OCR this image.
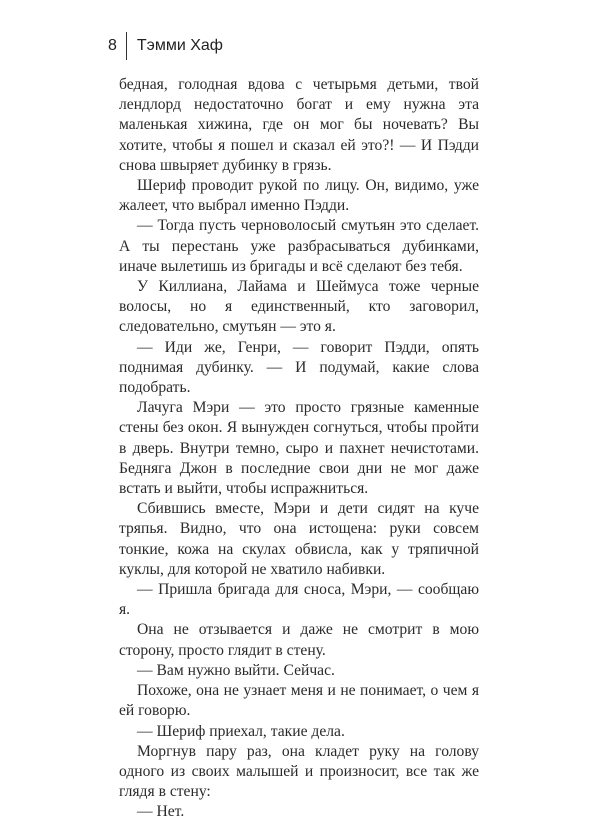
8 Тэмми Хаф

бедная, голодная вдова с четырьмя детьми, твой лендлорд недостаточно богат и ему нужна эта маленькая хижина, где он мог бы ночевать? Вы хотите, чтобы я пошел и сказал ей это?! — И Пэдди снова швыряет дубинку в грязь.

Шериф проводит рукой по лицу. Он, видимо, уже жалеет, что выбрал именно Пэдди.

— Тогда пусть черноволосый смутьян это сделает. А ты перестань уже разбрасываться дубинками, иначе вылетишь из бригады и всё сделают без тебя.

У Киллиана, Лайама и Шеймуса тоже черные волосы, но я единственный, кто заговорил, следовательно, смутьян — это я.

— Иди же, Генри, — говорит Пэдди, опять поднимая дубинку. — И подумай, какие слова подобрать.

Лачуга Мэри — это просто грязные каменные стены без окон. Я вынужден согнуться, чтобы пройти в дверь. Внутри темно, сыро и пахнет нечистотами. Бедняга Джон в последние свои дни не мог даже встать и выйти, чтобы испражниться.

Сбившись вместе, Мэри и дети сидят на куче тряпья. Видно, что она истощена: руки совсем тонкие, кожа на скулах обвисла, как у тряпичной куклы, для которой не хватило набивки.

— Пришла бригада для сноса, Мэри, — сообщаю я.

Она не отзывается и даже не смотрит в мою сторону, просто глядит в стену.

— Вам нужно выйти. Сейчас.

Похоже, она не узнает меня и не понимает, о чем я ей говорю.

— Шериф приехал, такие дела.

Моргнув пару раз, она кладет руку на голову одного из своих малышей и произносит, все так же глядя в стену:

— Нет.
